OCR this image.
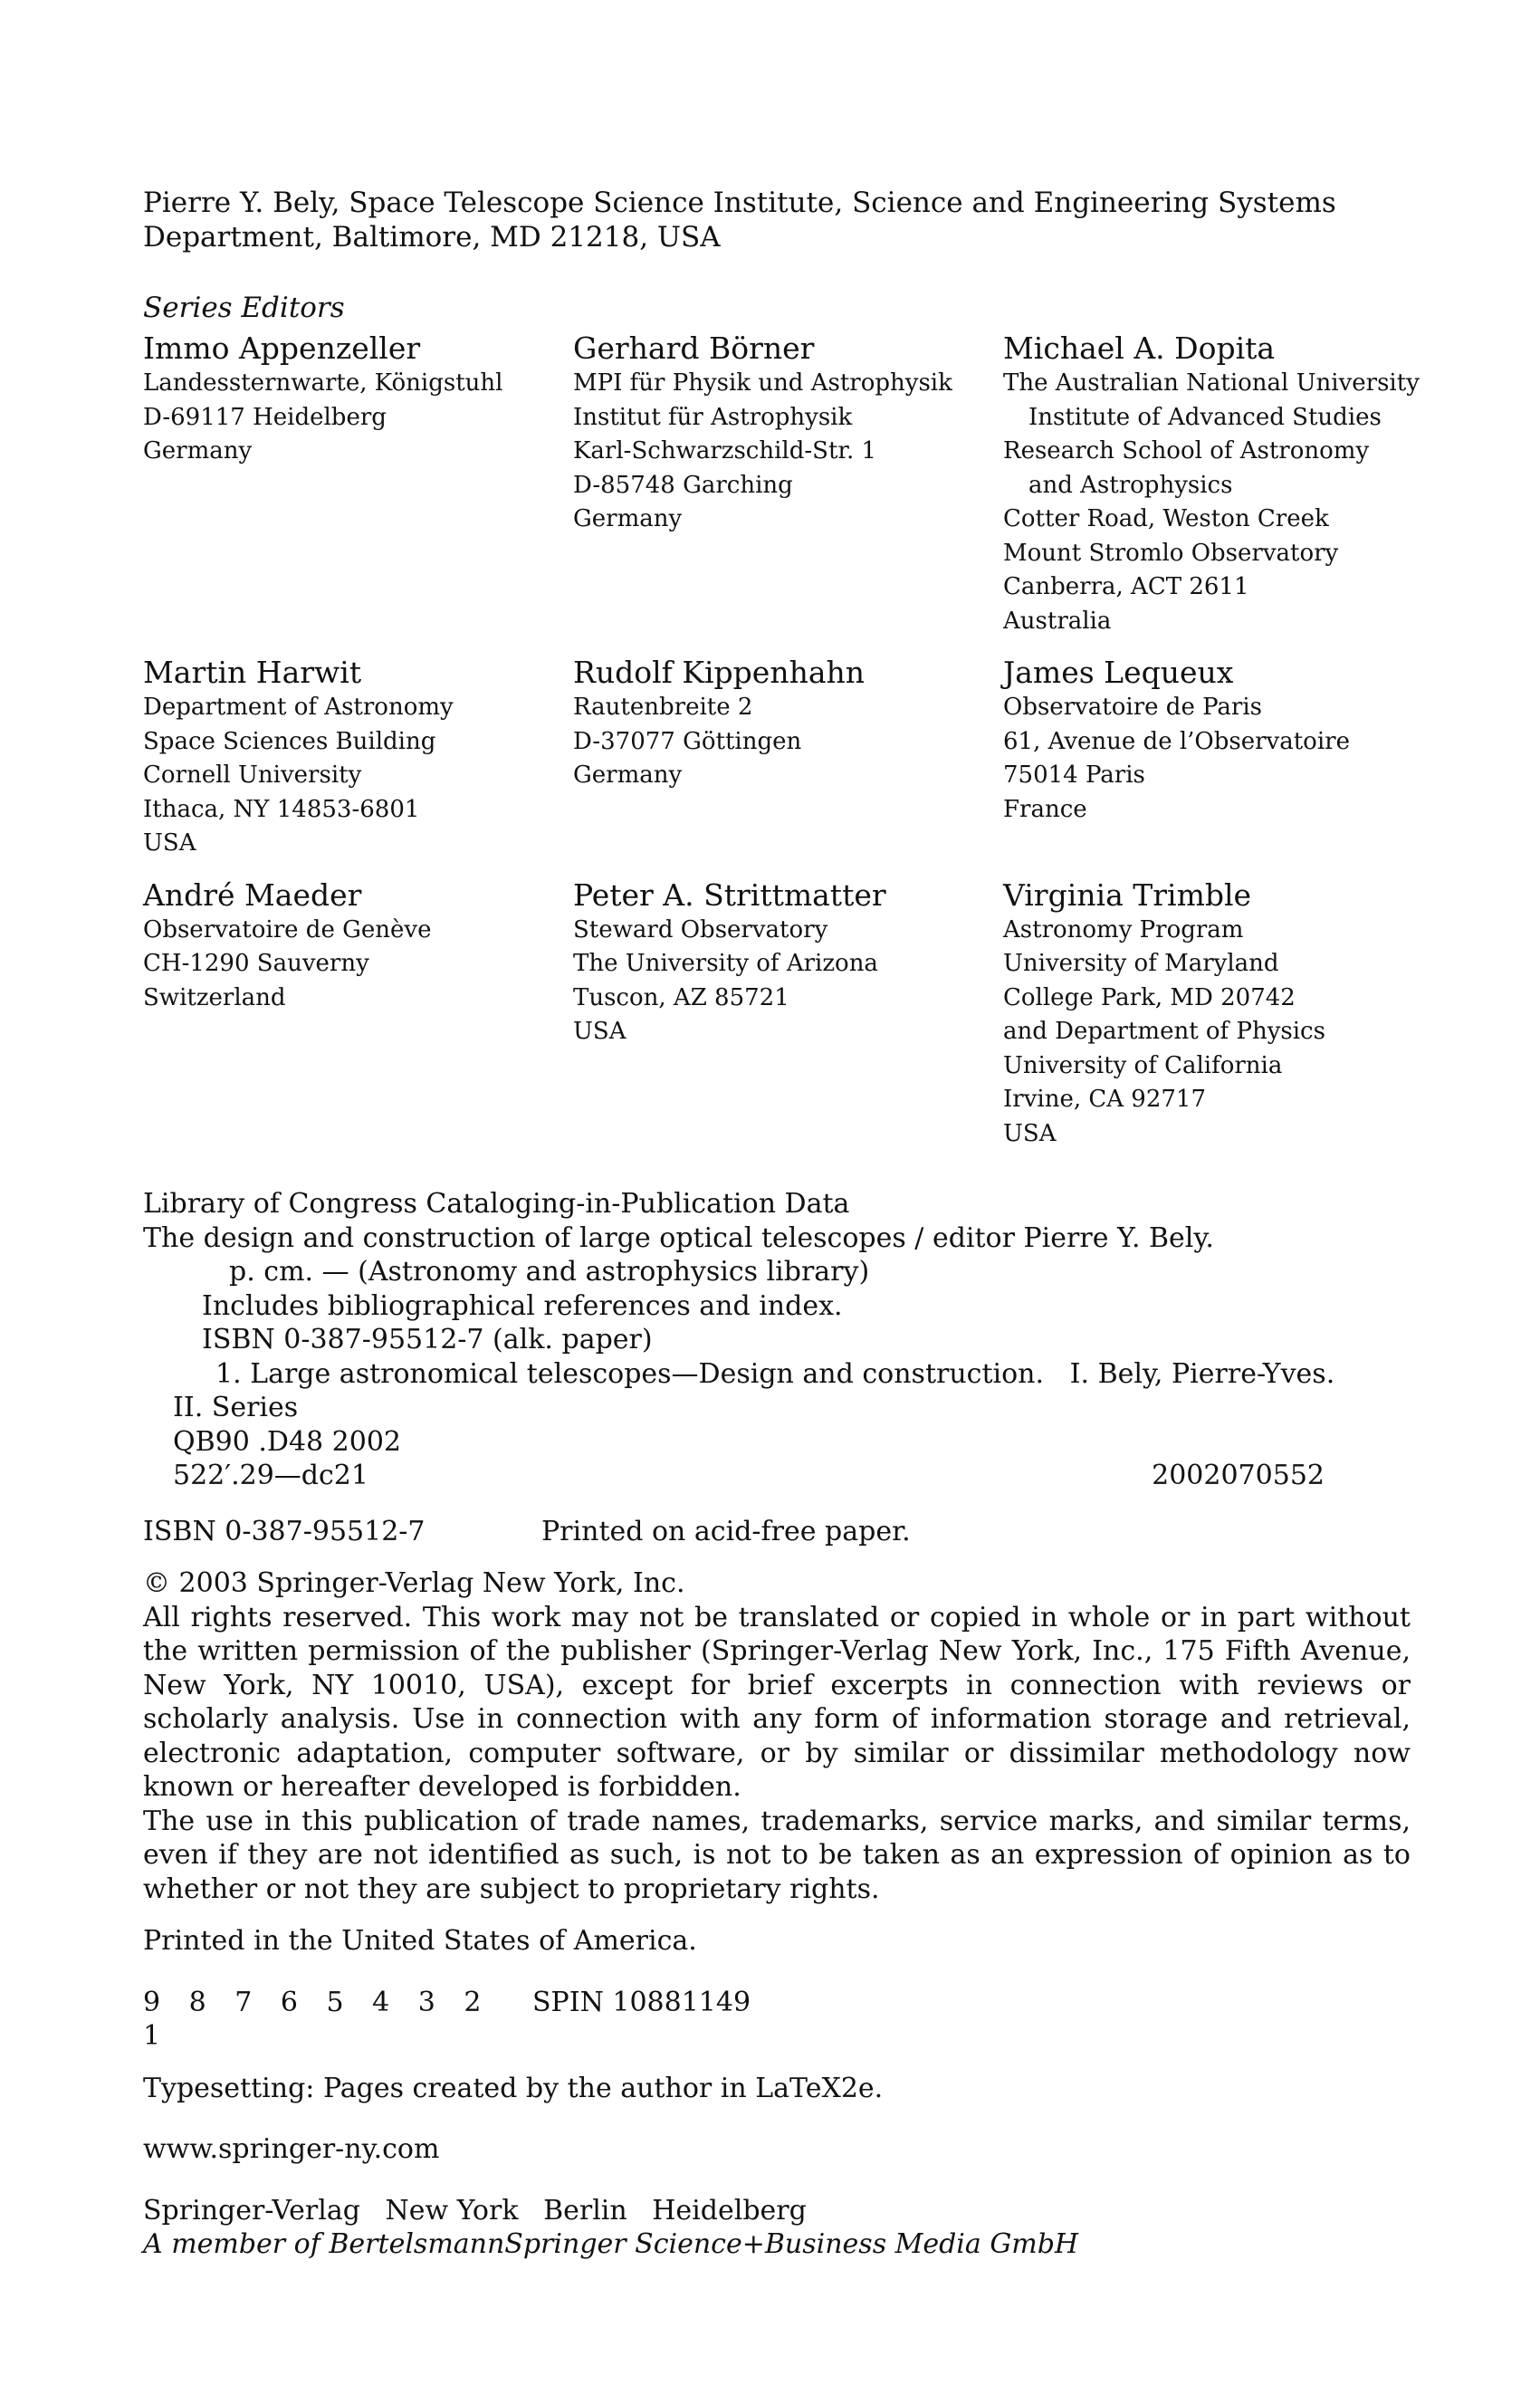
Pierre Y. Bely, Space Telescope Science Institute, Science and Engineering Systems Department, Baltimore, MD 21218, USA

Series Editors

Immo Appenzeller

Landessternwarte, Königstuhl

D-69117 Heidelberg

Germany

Gerhard Börner

MPI für Physik und Astrophysik

Institut für Astrophysik

Karl-Schwarzschild-Str. 1

D-85748 Garching

Germany

Michael A. Dopita

The Australian National University

Institute of Advanced Studies

Research School of Astronomy

and Astrophysics

Cotter Road, Weston Creek

Mount Stromlo Observatory

Canberra, ACT 2611

Australia

Martin Harwit

Department of Astronomy

Space Sciences Building

Cornell University

Ithaca, NY 14853-6801

USA

Rudolf Kippenhahn

Rautenbreite 2

D-37077 Göttingen

Germany

James Lequeux

Observatoire de Paris

61, Avenue de l’Observatoire

75014 Paris

France

André Maeder

Observatoire de Genève

CH-1290 Sauverny

Switzerland

Peter A. Strittmatter

Steward Observatory

The University of Arizona

Tuscon, AZ 85721

USA

Virginia Trimble

Astronomy Program

University of Maryland

College Park, MD 20742

and Department of Physics

University of California

Irvine, CA 92717

USA

Library of Congress Cataloging-in-Publication Data

The design and construction of large optical telescopes / editor Pierre Y. Bely.

p. cm. — (Astronomy and astrophysics library)

Includes bibliographical references and index.

ISBN 0-387-95512-7 (alk. paper)

1. Large astronomical telescopes—Design and construction. I. Bely, Pierre-Yves.

II. Series

QB90 .D48 2002

522′.29—dc21	2002070552
ISBN 0-387-95512-7	Printed on acid-free paper.

© 2003 Springer-Verlag New York, Inc.

All rights reserved. This work may not be translated or copied in whole or in part without the written permission of the publisher (Springer-Verlag New York, Inc., 175 Fifth Avenue, New York, NY 10010, USA), except for brief excerpts in connection with reviews or scholarly analysis. Use in connection with any form of information storage and retrieval, electronic adaptation, computer software, or by similar or dissimilar methodology now known or hereafter developed is forbidden.

The use in this publication of trade names, trademarks, service marks, and similar terms, even if they are not identified as such, is not to be taken as an expression of opinion as to whether or not they are subject to proprietary rights.

Printed in the United States of America.

9 8 7 6 5 4 3 2 1
SPIN 10881149

Typesetting: Pages created by the author in LaTeX2e.

www.springer-ny.com

Springer-Verlag New York Berlin Heidelberg
A member of BertelsmannSpringer Science+Business Media GmbH
